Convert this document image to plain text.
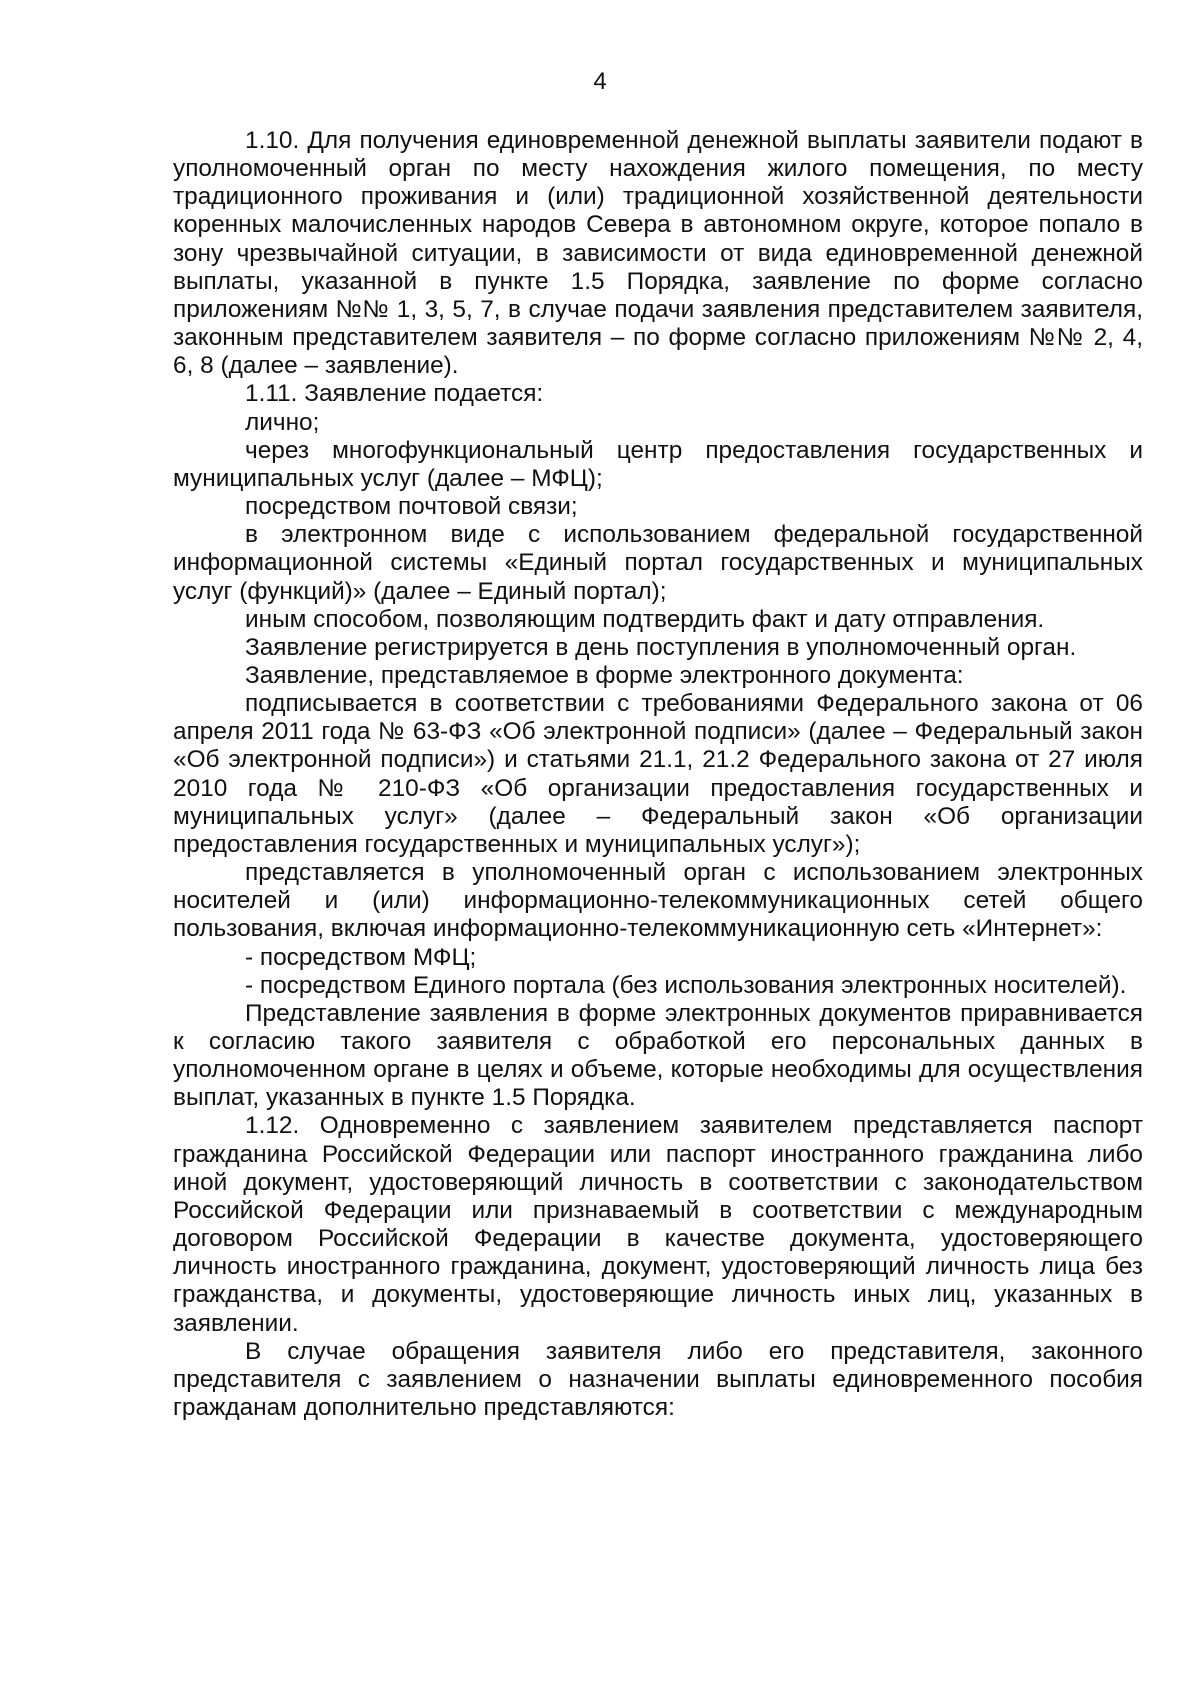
4

1.10. Для получения единовременной денежной выплаты заявители подают в уполномоченный орган по месту нахождения жилого помещения, по месту традиционного проживания и (или) традиционной хозяйственной деятельности коренных малочисленных народов Севера в автономном округе, которое попало в зону чрезвычайной ситуации, в зависимости от вида единовременной денежной выплаты, указанной в пункте 1.5 Порядка, заявление по форме согласно приложениям №№ 1, 3, 5, 7, в случае подачи заявления представителем заявителя, законным представителем заявителя – по форме согласно приложениям №№ 2, 4, 6, 8 (далее – заявление).

1.11. Заявление подается:

лично;

через многофункциональный центр предоставления государственных и муниципальных услуг (далее – МФЦ);

посредством почтовой связи;

в электронном виде с использованием федеральной государственной информационной системы «Единый портал государственных и муниципальных услуг (функций)» (далее – Единый портал);

иным способом, позволяющим подтвердить факт и дату отправления.

Заявление регистрируется в день поступления в уполномоченный орган.

Заявление, представляемое в форме электронного документа:

подписывается в соответствии с требованиями Федерального закона от 06 апреля 2011 года № 63-ФЗ «Об электронной подписи» (далее – Федеральный закон «Об электронной подписи») и статьями 21.1, 21.2 Федерального закона от 27 июля 2010 года № 210-ФЗ «Об организации предоставления государственных и муниципальных услуг» (далее – Федеральный закон «Об организации предоставления государственных и муниципальных услуг»);

представляется в уполномоченный орган с использованием электронных носителей и (или) информационно-телекоммуникационных сетей общего пользования, включая информационно-телекоммуникационную сеть «Интернет»:

- посредством МФЦ;

- посредством Единого портала (без использования электронных носителей).

Представление заявления в форме электронных документов приравнивается к согласию такого заявителя с обработкой его персональных данных в уполномоченном органе в целях и объеме, которые необходимы для осуществления выплат, указанных в пункте 1.5 Порядка.

1.12. Одновременно с заявлением заявителем представляется паспорт гражданина Российской Федерации или паспорт иностранного гражданина либо иной документ, удостоверяющий личность в соответствии с законодательством Российской Федерации или признаваемый в соответствии с международным договором Российской Федерации в качестве документа, удостоверяющего личность иностранного гражданина, документ, удостоверяющий личность лица без гражданства, и документы, удостоверяющие личность иных лиц, указанных в заявлении.

В случае обращения заявителя либо его представителя, законного представителя с заявлением о назначении выплаты единовременного пособия гражданам дополнительно представляются:
